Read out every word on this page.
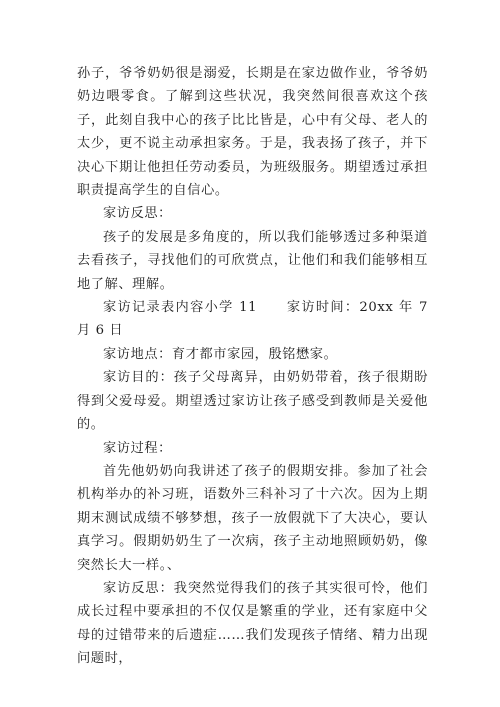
孙子，爷爷奶奶很是溺爱，长期是在家边做作业，爷爷奶奶边喂零食。了解到这些状况，我突然间很喜欢这个孩子，此刻自我中心的孩子比比皆是，心中有父母、老人的太少，更不说主动承担家务。于是，我表扬了孩子，并下决心下期让他担任劳动委员，为班级服务。期望透过承担职责提高学生的自信心。

家访反思：

孩子的发展是多角度的，所以我们能够透过多种渠道去看孩子，寻找他们的可欣赏点，让他们和我们能够相互地了解、理解。

家访记录表内容小学 11　　家访时间：20xx 年 7 月 6 日

家访地点：育才都市家园，殷铭懋家。

家访目的：孩子父母离异，由奶奶带着，孩子很期盼得到父爱母爱。期望透过家访让孩子感受到教师是关爱他的。

家访过程：

首先他奶奶向我讲述了孩子的假期安排。参加了社会机构举办的补习班，语数外三科补习了十六次。因为上期期末测试成绩不够梦想，孩子一放假就下了大决心，要认真学习。假期奶奶生了一次病，孩子主动地照顾奶奶，像突然长大一样。、

家访反思：我突然觉得我们的孩子其实很可怜，他们成长过程中要承担的不仅仅是繁重的学业，还有家庭中父母的过错带来的后遗症……我们发现孩子情绪、精力出现问题时，
